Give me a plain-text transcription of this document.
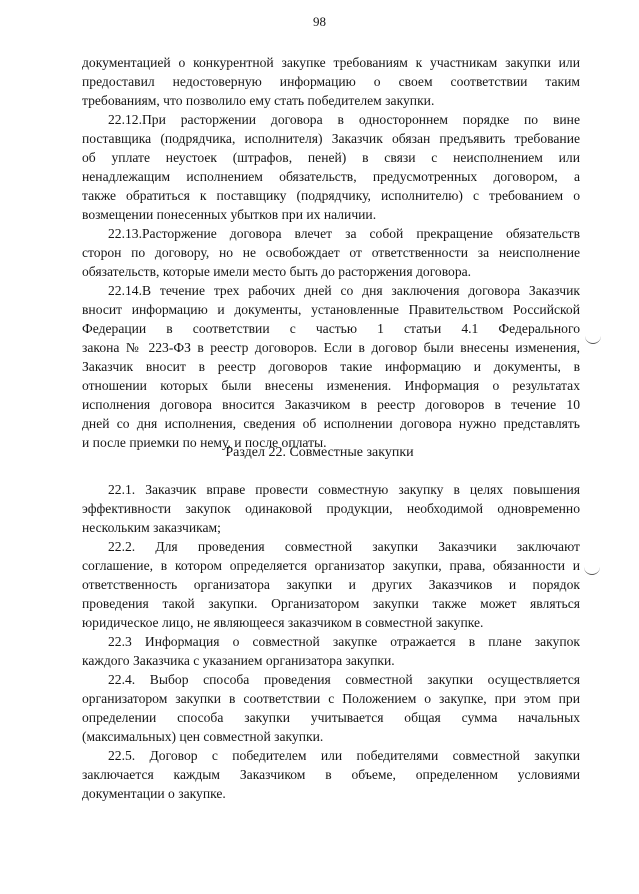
98
документацией о конкурентной закупке требованиям к участникам закупки или
предоставил недостоверную информацию о своем соответствии таким
требованиям, что позволило ему стать победителем закупки.
22.12.При расторжении договора в одностороннем порядке по вине
поставщика (подрядчика, исполнителя) Заказчик обязан предъявить требование
об уплате неустоек (штрафов, пеней) в связи с неисполнением или
ненадлежащим исполнением обязательств, предусмотренных договором, а
также обратиться к поставщику (подрядчику, исполнителю) с требованием о
возмещении понесенных убытков при их наличии.
22.13.Расторжение договора влечет за собой прекращение обязательств
сторон по договору, но не освобождает от ответственности за неисполнение
обязательств, которые имели место быть до расторжения договора.
22.14.В течение трех рабочих дней со дня заключения договора Заказчик
вносит информацию и документы, установленные Правительством Российской
Федерации в соответствии с частью 1 статьи 4.1 Федерального
закона № 223-ФЗ в реестр договоров. Если в договор были внесены изменения,
Заказчик вносит в реестр договоров такие информацию и документы, в
отношении которых были внесены изменения. Информация о результатах
исполнения договора вносится Заказчиком в реестр договоров в течение 10
дней со дня исполнения, сведения об исполнении договора нужно представлять
и после приемки по нему, и после оплаты.
Раздел 22. Совместные закупки
22.1. Заказчик вправе провести совместную закупку в целях повышения
эффективности закупок одинаковой продукции, необходимой одновременно
нескольким заказчикам;
22.2. Для проведения совместной закупки Заказчики заключают
соглашение, в котором определяется организатор закупки, права, обязанности и
ответственность организатора закупки и других Заказчиков и порядок
проведения такой закупки. Организатором закупки также может являться
юридическое лицо, не являющееся заказчиком в совместной закупке.
22.3 Информация о совместной закупке отражается в плане закупок
каждого Заказчика с указанием организатора закупки.
22.4. Выбор способа проведения совместной закупки осуществляется
организатором закупки в соответствии с Положением о закупке, при этом при
определении способа закупки учитывается общая сумма начальных
(максимальных) цен совместной закупки.
22.5. Договор с победителем или победителями совместной закупки
заключается каждым Заказчиком в объеме, определенном условиями
документации о закупке.
